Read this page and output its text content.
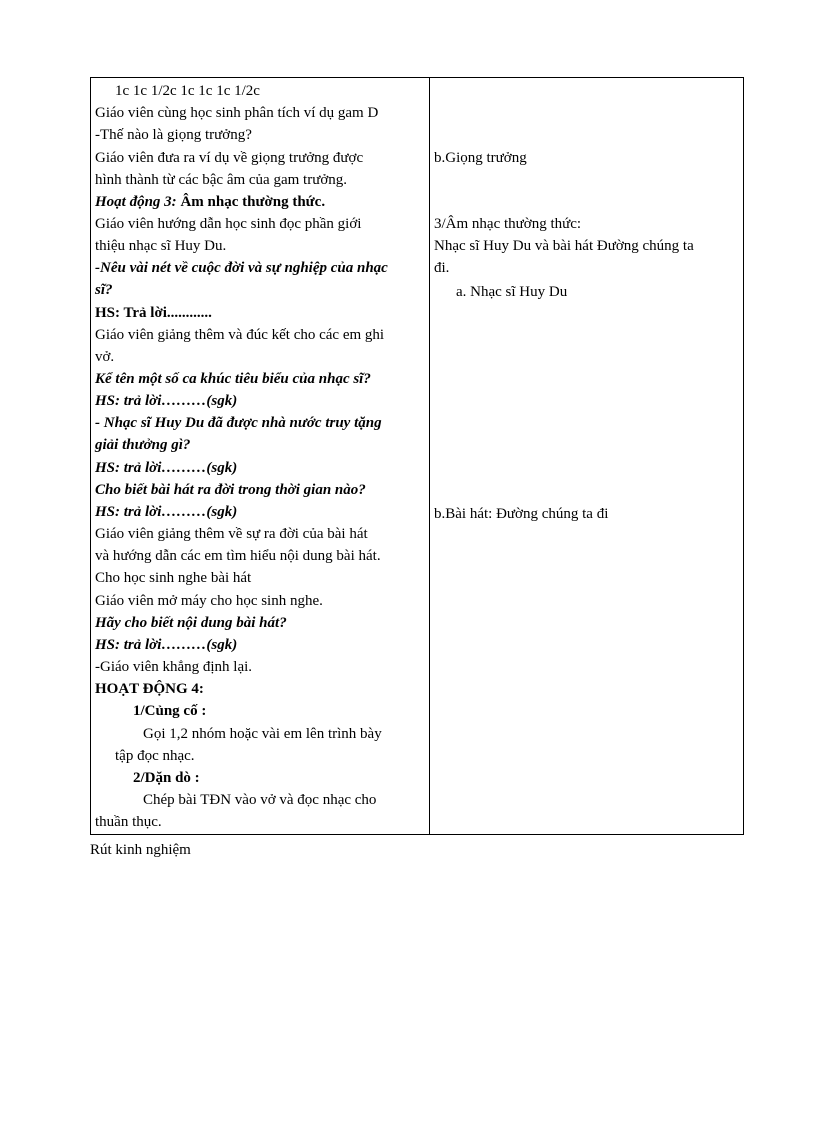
1c 1c 1/2c 1c 1c 1c 1/2c
Giáo viên cùng học sinh phân tích ví dụ gam D
-Thế nào là giọng trưởng?
Giáo viên đưa ra ví dụ về giọng trưởng được
hình thành từ các bậc âm của gam trưởng.
Hoạt động 3: Âm nhạc thường thức.
Giáo viên hướng dẫn học sinh đọc phần giới
thiệu nhạc sĩ Huy Du.
-Nêu vài nét về cuộc đời và sự nghiệp của nhạc
sĩ?
HS: Trả lời............
Giáo viên giảng thêm và đúc kết cho các em ghi
vở.
Kể tên một số ca khúc tiêu biểu của nhạc sĩ?
HS: trả lời………(sgk)
- Nhạc sĩ Huy Du đã được nhà nước truy tặng
giải thưởng gì?
HS: trả lời………(sgk)
Cho biết bài hát ra đời trong thời gian nào?
HS: trả lời………(sgk)
Giáo viên giảng thêm về sự ra đời của bài hát
và hướng dẫn các em tìm hiểu nội dung bài hát.
Cho học sinh nghe bài hát
Giáo viên mở máy cho học sinh nghe.
Hãy cho biết nội dung bài hát?
HS: trả lời………(sgk)
-Giáo viên khẳng định lại.
HOẠT ĐỘNG 4:
1/Củng cố :
Gọi 1,2 nhóm hoặc vài em lên trình bày
tập đọc nhạc.
2/Dặn dò :
Chép bài TĐN vào vở và đọc nhạc cho
thuần thục.
b.Giọng trưởng
3/Âm nhạc thường thức:
Nhạc sĩ Huy Du và bài hát Đường chúng ta
đi.
a. Nhạc sĩ Huy Du
b.Bài hát: Đường chúng ta đi
Rút kinh nghiệm
